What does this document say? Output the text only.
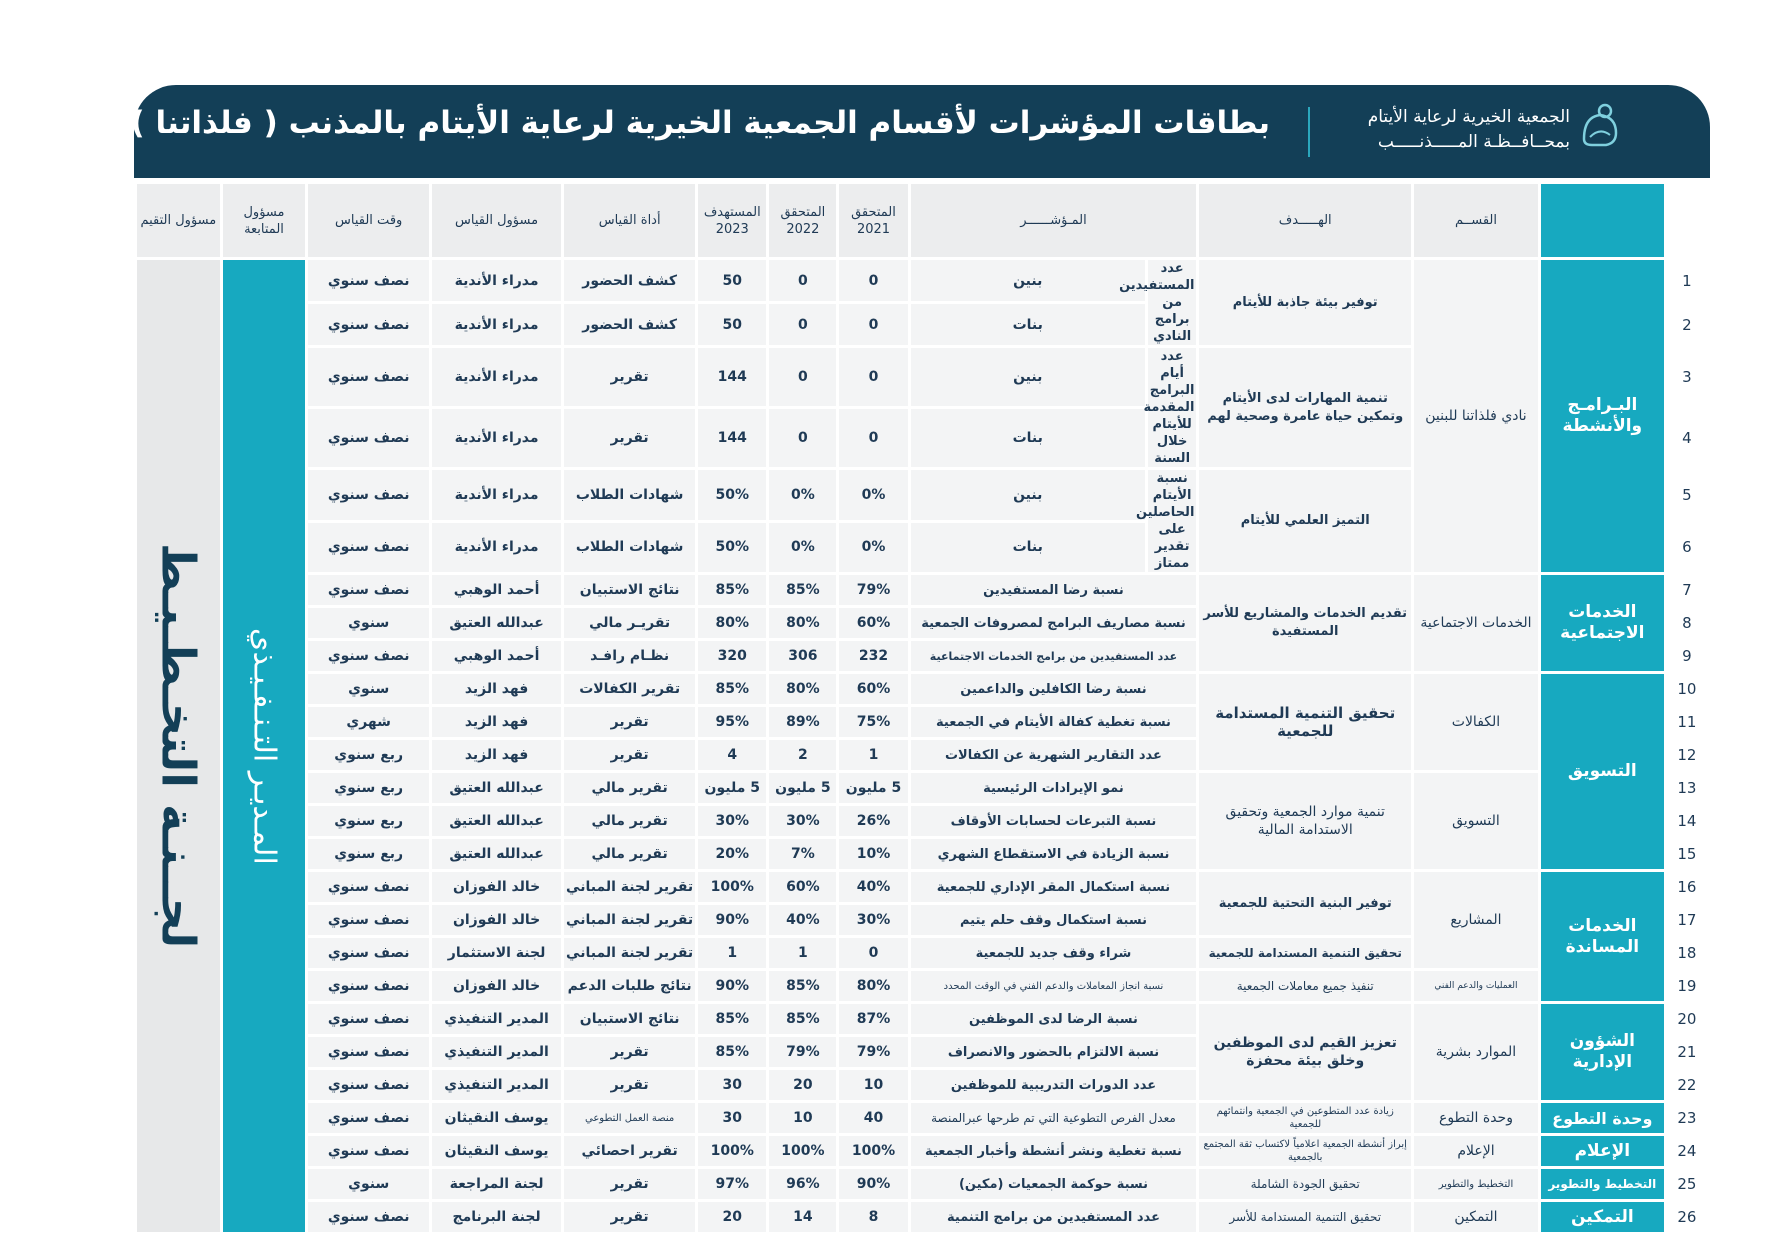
الجمعية الخيرية لرعاية الأيتام
بمحــافــظـة المـــــذنـــــب
بطاقات المؤشرات لأقسام الجمعية الخيرية لرعاية الأيتام بالمذنب ( فلذاتنا ) 2023 م
		القســم	الهـــــدف	المـؤشــــــر		المتحقق 2021	المتحقق 2022	المستهدف 2023	أداة القياس	مسؤول القياس	وقت القياس	مسؤول المتابعة	مسؤول التقيم
1	البـرامـج والأنشطة	نادي فلذاتنا للبنين	توفير بيئة جاذبة للأيتام	عدد المستفيدين من برامج النادي	بنين	0	0	50	كشف الحضور	مدراء الأندية	نصف سنوي	المـديـر التـنـفـيـذي	لجــنـة التخـطـيـط

2					بنات	0	0	50	كشف الحضور	مدراء الأندية	نصف سنوي		
3			تنمية المهارات لدى الأيتام وتمكين حياة عامرة وصحية لهم	عدد أيام البرامج المقدمة للأيتام خلال السنة	بنين	0	0	144	تقرير	مدراء الأندية	نصف سنوي		
4					بنات	0	0	144	تقرير	مدراء الأندية	نصف سنوي		
5			التميز العلمي للأيتام	نسبة الأيتام الحاصلين على تقدير ممتاز	بنين	0%	0%	50%	شهادات الطلاب	مدراء الأندية	نصف سنوي		
6					بنات	0%	0%	50%	شهادات الطلاب	مدراء الأندية	نصف سنوي		
7	الخدمات الاجتماعية	الخدمات الاجتماعية	تقديم الخدمات والمشاريع للأسر المستفيدة	نسبة رضا المستفيدين		79%	85%	85%	نتائج الاستبيان	أحمد الوهبي	نصف سنوي		
8				نسبة مصاريف البرامج لمصروفات الجمعية		60%	80%	80%	تقريـر مالي	عبدالله العتيق	سنوي		
9				عدد المستفيدين من برامج الخدمات الاجتماعية		232	306	320	نظـام رافـد	أحمد الوهبي	نصف سنوي		
10	التسويق	الكفالات	تحقيق التنمية المستدامة للجمعية	نسبة رضا الكافلين والداعمين		60%	80%	85%	تقرير الكفالات	فهد الزيد	سنوي		
11				نسبة تغطية كفالة الأيتام في الجمعية		75%	89%	95%	تقرير	فهد الزيد	شهري		
12				عدد التقارير الشهرية عن الكفالات		1	2	4	تقرير	فهد الزيد	ربع سنوي		
13		التسويق	تنمية موارد الجمعية وتحقيق الاستدامة المالية	نمو الإيرادات الرئيسية		5 مليون	5 مليون	5 مليون	تقرير مالي	عبدالله العتيق	ربع سنوي		
14				نسبة التبرعات لحسابات الأوقاف		26%	30%	30%	تقرير مالي	عبدالله العتيق	ربع سنوي		
15				نسبة الزيادة في الاستقطاع الشهري		10%	7%	20%	تقرير مالي	عبدالله العتيق	ربع سنوي		
16	الخدمات المساندة	المشاريع	توفير البنية التحتية للجمعية	نسبة استكمال المقر الإداري للجمعية		40%	60%	100%	تقرير لجنة المباني	خالد الفوزان	نصف سنوي		
17				نسبة استكمال وقف حلم يتيم		30%	40%	90%	تقرير لجنة المباني	خالد الفوزان	نصف سنوي		
18			تحقيق التنمية المستدامة للجمعية	شراء وقف جديد للجمعية		0	1	1	تقرير لجنة المباني	لجنة الاستثمار	نصف سنوي		
19		العمليات والدعم الفني	تنفيذ جميع معاملات الجمعية	نسبة انجاز المعاملات والدعم الفني في الوقت المحدد		80%	85%	90%	نتائج طلبات الدعم	خالد الفوزان	نصف سنوي		
20	الشؤون الإدارية	الموارد بشرية	تعزيز القيم لدى الموظفين وخلق بيئة محفزة	نسبة الرضا لدى الموظفين		87%	85%	85%	نتائج الاستبيان	المدير التنفيذي	نصف سنوي		
21				نسبة الالتزام بالحضور والانصراف		79%	79%	85%	تقرير	المدير التنفيذي	نصف سنوي		
22				عدد الدورات التدريبية للموظفين		10	20	30	تقرير	المدير التنفيذي	نصف سنوي		
23	وحدة التطوع	وحدة التطوع	زيادة عدد المتطوعين في الجمعية وانتمائهم للجمعية	معدل الفرص التطوعية التي تم طرحها عبرالمنصة		40	10	30	منصة العمل التطوعي	يوسف النقيثان	نصف سنوي		
24	الإعلام	الإعلام	إبراز أنشطة الجمعية اعلامياً لاكتساب ثقة المجتمع بالجمعية	نسبة تغطية ونشر أنشطة وأخبار الجمعية		100%	100%	100%	تقرير احصائي	يوسف النقيثان	نصف سنوي		
25	التخطيط والتطوير	التخطيط والتطوير	تحقيق الجودة الشاملة	نسبة حوكمة الجمعيات (مكين)		90%	96%	97%	تقرير	لجنة المراجعة	سنوي		
26	التمكين	التمكين	تحقيق التنمية المستدامة للأسر	عدد المستفيدين من برامج التنمية		8	14	20	تقرير	لجنة البرنامج	نصف سنوي		
